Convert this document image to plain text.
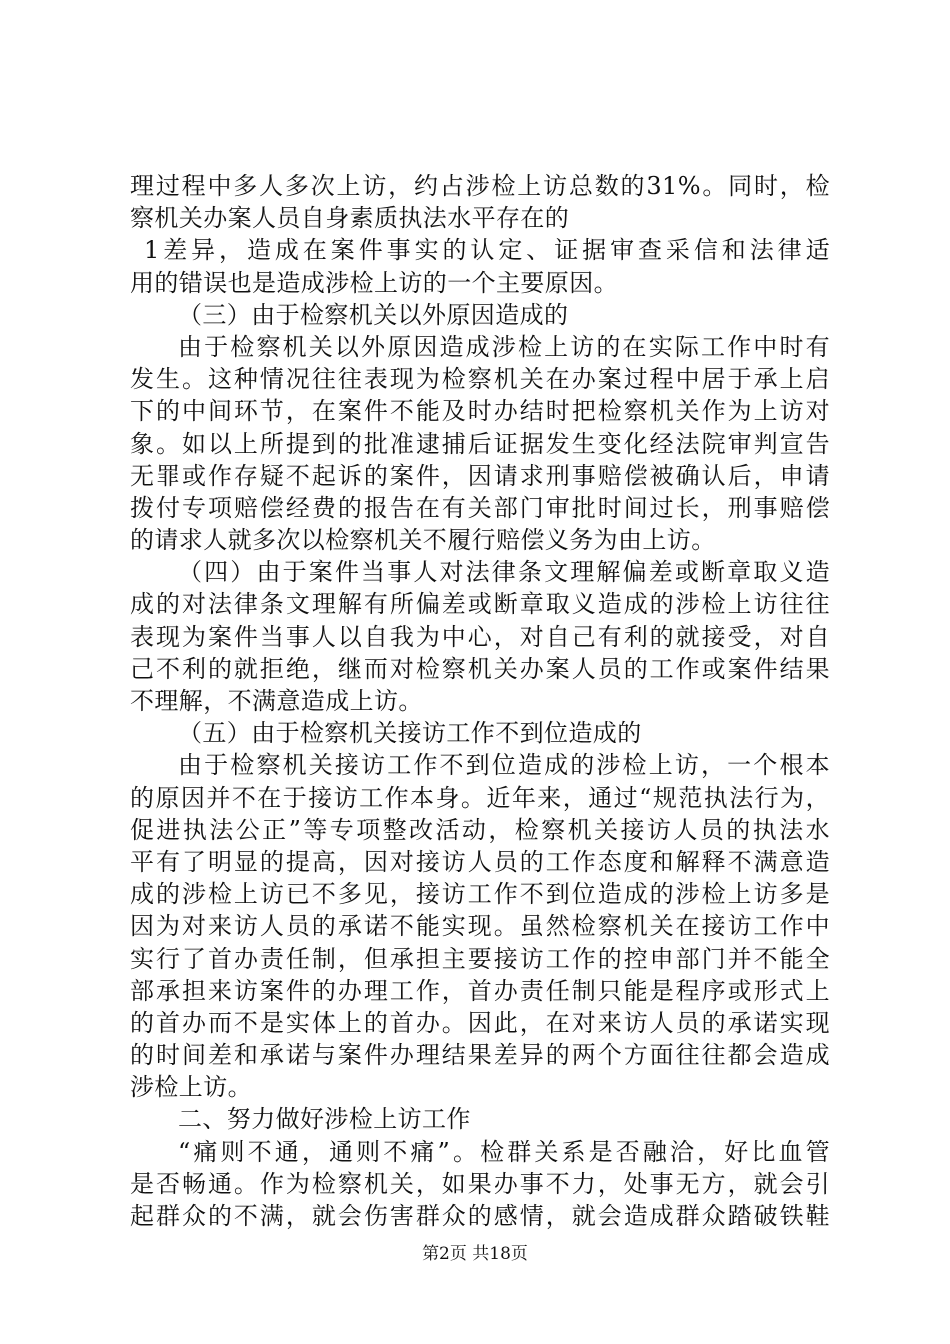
理过程中多人多次上访，约占涉检上访总数的31%。同时，检
察机关办案人员自身素质执法水平存在的
1差异，造成在案件事实的认定、证据审查采信和法律适
用的错误也是造成涉检上访的一个主要原因。
（三）由于检察机关以外原因造成的
由于检察机关以外原因造成涉检上访的在实际工作中时有
发生。这种情况往往表现为检察机关在办案过程中居于承上启
下的中间环节，在案件不能及时办结时把检察机关作为上访对
象。如以上所提到的批准逮捕后证据发生变化经法院审判宣告
无罪或作存疑不起诉的案件，因请求刑事赔偿被确认后，申请
拨付专项赔偿经费的报告在有关部门审批时间过长，刑事赔偿
的请求人就多次以检察机关不履行赔偿义务为由上访。
（四）由于案件当事人对法律条文理解偏差或断章取义造
成的对法律条文理解有所偏差或断章取义造成的涉检上访往往
表现为案件当事人以自我为中心，对自己有利的就接受，对自
己不利的就拒绝，继而对检察机关办案人员的工作或案件结果
不理解，不满意造成上访。
（五）由于检察机关接访工作不到位造成的
由于检察机关接访工作不到位造成的涉检上访，一个根本
的原因并不在于接访工作本身。近年来，通过“规范执法行为，
促进执法公正”等专项整改活动，检察机关接访人员的执法水
平有了明显的提高，因对接访人员的工作态度和解释不满意造
成的涉检上访已不多见，接访工作不到位造成的涉检上访多是
因为对来访人员的承诺不能实现。虽然检察机关在接访工作中
实行了首办责任制，但承担主要接访工作的控申部门并不能全
部承担来访案件的办理工作，首办责任制只能是程序或形式上
的首办而不是实体上的首办。因此，在对来访人员的承诺实现
的时间差和承诺与案件办理结果差异的两个方面往往都会造成
涉检上访。
二、努力做好涉检上访工作
“痛则不通，通则不痛”。检群关系是否融洽，好比血管
是否畅通。作为检察机关，如果办事不力，处事无方，就会引
起群众的不满，就会伤害群众的感情，就会造成群众踏破铁鞋
第2页 共18页
